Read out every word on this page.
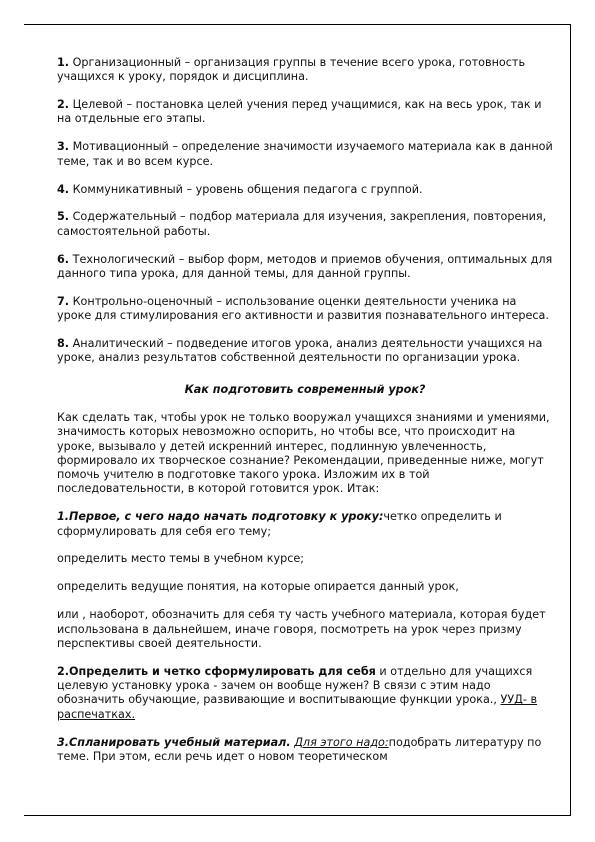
1. Организационный – организация группы в течение всего урока, готовность учащихся к уроку, порядок и дисциплина.

2. Целевой – постановка целей учения перед учащимися, как на весь урок, так и на отдельные его этапы.

3. Мотивационный – определение значимости изучаемого материала как в данной теме, так и во всем курсе.

4. Коммуникативный – уровень общения педагога с группой.

5. Содержательный – подбор материала для изучения, закрепления, повторения, самостоятельной работы.

6. Технологический – выбор форм, методов и приемов обучения, оптимальных для данного типа урока, для данной темы, для данной группы.

7. Контрольно-оценочный – использование оценки деятельности ученика на уроке для стимулирования его активности и развития познавательного интереса.

8. Аналитический – подведение итогов урока, анализ деятельности учащихся на уроке, анализ результатов собственной деятельности по организации урока.

Как подготовить современный урок?

Как сделать так, чтобы урок не только вооружал учащихся знаниями и умениями, значимость которых невозможно оспорить, но чтобы все, что происходит на уроке, вызывало у детей искренний интерес, подлинную увлеченность, формировало их творческое сознание? Рекомендации, приведенные ниже, могут помочь учителю в подготовке такого урока. Изложим их в той последовательности, в которой готовится урок. Итак:

1.Первое, с чего надо начать подготовку к уроку:четко определить и сформулировать для себя его тему;

определить место темы в учебном курсе;

определить ведущие понятия, на которые опирается данный урок,

или , наоборот, обозначить для себя ту часть учебного материала, которая будет использована в дальнейшем, иначе говоря, посмотреть на урок через призму перспективы своей деятельности.

2.Определить и четко сформулировать для себя и отдельно для учащихся целевую установку урока - зачем он вообще нужен? В связи с этим надо обозначить обучающие, развивающие и воспитывающие функции урока., УУД- в распечатках.

3.Спланировать учебный материал. Для этого надо:подобрать литературу по теме. При этом, если речь идет о новом теоретическом
